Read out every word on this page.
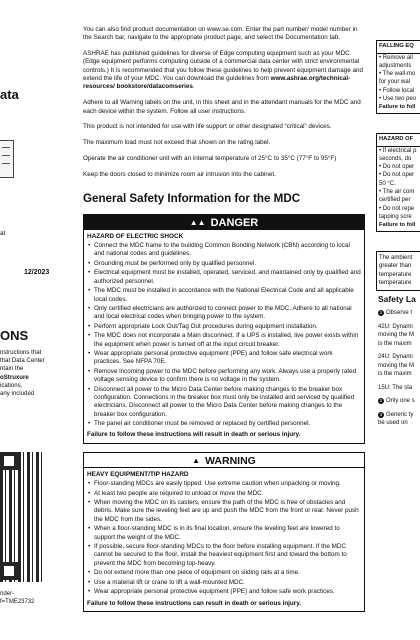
ata
at
12/2023
ONS
nstructions that
that Data Center
ntain the
oStruxure
ications,
any included
rider-
f=TME23732

You can also find product documentation on www.se.com. Enter the part number/ model number in the Search bar, navigate to the appropriate product page, and select the Documentation tab.

ASHRAE has published guidelines for diverse of Edge computing equipment such as your MDC. (Edge equipment performs computing outside of a commercial data center with strict environmental controls.) It is recommended that you follow these guidelines to help prevent equipment damage and extend the life of your MDC. You can download the guidelines from www.ashrae.org/technical-resources/ bookstore/datacomseries.

Adhere to all Warning labels on the unit, in this sheet and in the attendant manuals for the MDC and each device within the system. Follow all user instructions.

This product is not intended for use with life support or other designated “critical” devices.

The maximum load must not exceed that shown on the rating label.

Operate the air conditioner unit with an internal temperature of 25°C to 35°C (77°F to 95°F)

Keep the doors closed to minimize room air intrusion into the cabinet.

General Safety Information for the MDC
▲▲ DANGER
HAZARD OF ELECTRIC SHOCK
• Connect the MDC frame to the building Common Bonding Network (CBN) according to local and national codes and guidelines.
• Grounding must be performed only by qualified personnel.
• Electrical equipment must be installed, operated, serviced, and maintained only by qualified and authorized personnel.
• The MDC must be installed in accordance with the National Electrical Code and all applicable local codes.
• Only certified electricians are authorized to connect power to the MDC. Adhere to all national and local electrical codes when bringing power to the system.
• Perform appropriate Lock Out/Tag Out procedures during equipment installation.
• The MDC does not incorporate a Main disconnect. If a UPS is installed, live power exists within the equipment when power is turned off at the input circuit breaker.
• Wear appropriate personal protective equipment (PPE) and follow safe electrical work practices. See NFPA 70E.
• Remove incoming power to the MDC before performing any work. Always use a properly rated voltage sensing device to confirm there is no voltage in the system.
• Disconnect all power to the Micro Data Center before making changes to the breaker box configuration. Connections in the breaker box must only be installed and serviced by qualified electricians. Disconnect all power to the Micro Data Center before making changes to the breaker box configuration.
• The panel air conditioner must be removed or replaced by certified personnel.
Failure to follow these instructions will result in death or serious injury.
▲ WARNING
HEAVY EQUIPMENT/TIP HAZARD
• Floor-standing MDCs are easily tipped. Use extreme caution when unpacking or moving.
• At least two people are required to unload or move the MDC.
• When moving the MDC on its casters, ensure the path of the MDC is free of obstacles and debris. Make sure the leveling feet are up and push the MDC from the front or rear. Never push the MDC from the sides.
• When a floor-standing MDC is in its final location, ensure the leveling feet are lowered to support the weight of the MDC.
• If possible, secure floor-standing MDCs to the floor before installing equipment. If the MDC cannot be secured to the floor, install the heaviest equipment first and toward the bottom to prevent the MDC from becoming top-heavy.
• Do not extend more than one piece of equipment on sliding rails at a time.
• Use a material lift or crane to lift a wall-mounted MDC.
• Wear appropriate personal protective equipment (PPE) and follow safe work practices.
Failure to follow these instructions can result in death or serious injury.
FALLING EQ
• Remove all
adjustments
• The wall-mo
for your wal
• Follow local
• Use two peo
Failure to foll
HAZARD OF
• If electrical p
seconds, do
• Do not oper
• Do not oper
50 °C.
• The air com
certified per
• Do not repe
tapping scre
Failure to foll
The ambient
greater than
temperature
temperature
Safety La
1 Observe t
42U: Dynami
moving the M
is the maxim
24U: Dynami
moving the M
is the maxim
15U: The sta
2 Only one s
3 Generic ty
be used on
